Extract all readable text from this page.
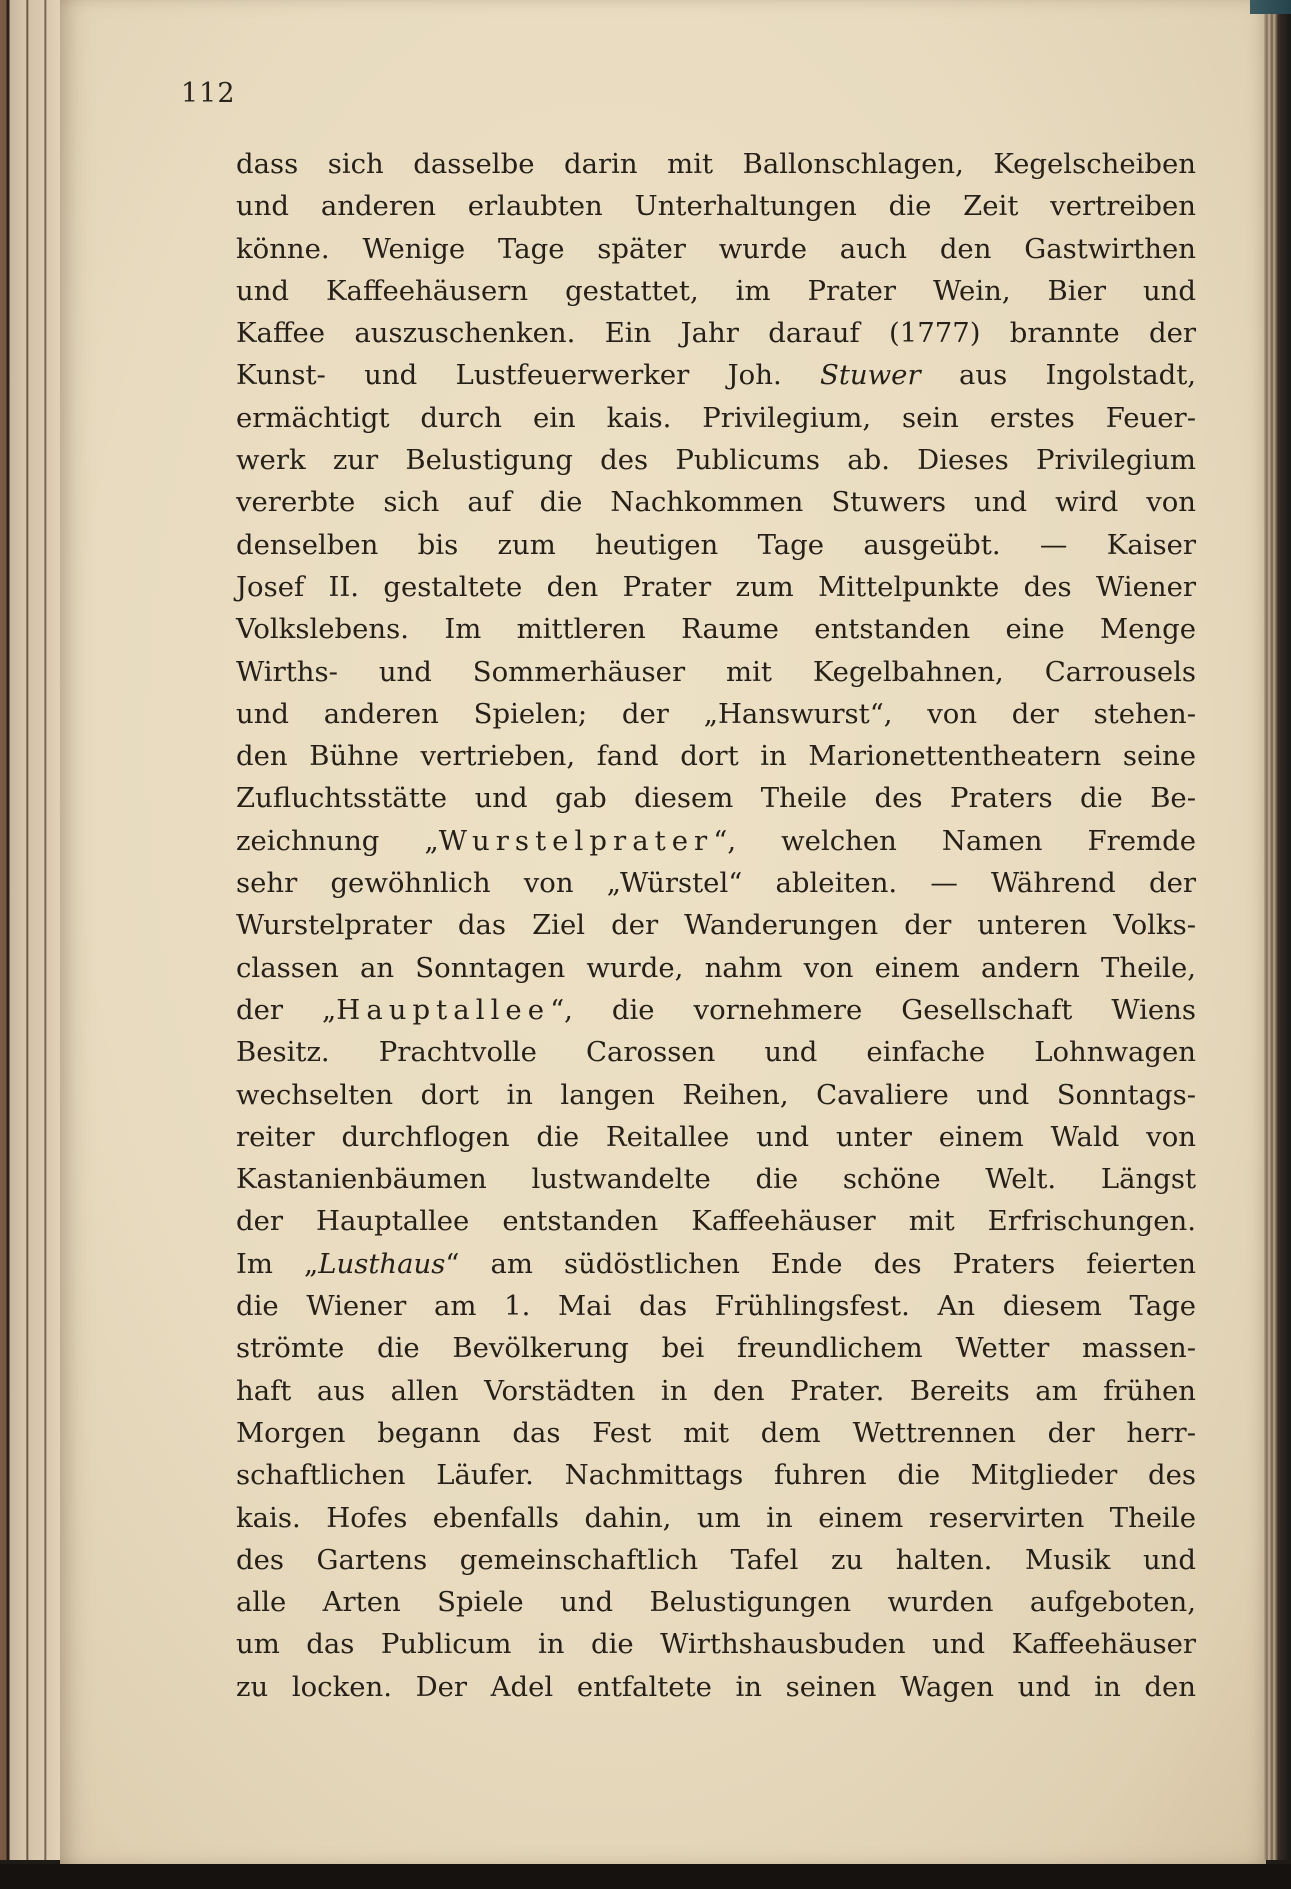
112
dass sich dasselbe darin mit Ballonschlagen, Kegelscheiben
und anderen erlaubten Unterhaltungen die Zeit vertreiben
könne. Wenige Tage später wurde auch den Gastwirthen
und Kaffeehäusern gestattet, im Prater Wein, Bier und
Kaffee auszuschenken. Ein Jahr darauf (1777) brannte der
Kunst- und Lustfeuerwerker Joh. Stuwer aus Ingolstadt,
ermächtigt durch ein kais. Privilegium, sein erstes Feuer-
werk zur Belustigung des Publicums ab. Dieses Privilegium
vererbte sich auf die Nachkommen Stuwers und wird von
denselben bis zum heutigen Tage ausgeübt. — Kaiser
Josef II. gestaltete den Prater zum Mittelpunkte des Wiener
Volkslebens. Im mittleren Raume entstanden eine Menge
Wirths- und Sommerhäuser mit Kegelbahnen, Carrousels
und anderen Spielen; der „Hanswurst“, von der stehen-
den Bühne vertrieben, fand dort in Marionettentheatern seine
Zufluchtsstätte und gab diesem Theile des Praters die Be-
zeichnung „Wurstelprater“, welchen Namen Fremde
sehr gewöhnlich von „Würstel“ ableiten. — Während der
Wurstelprater das Ziel der Wanderungen der unteren Volks-
classen an Sonntagen wurde, nahm von einem andern Theile,
der „Hauptallee“, die vornehmere Gesellschaft Wiens
Besitz. Prachtvolle Carossen und einfache Lohnwagen
wechselten dort in langen Reihen, Cavaliere und Sonntags-
reiter durchflogen die Reitallee und unter einem Wald von
Kastanienbäumen lustwandelte die schöne Welt. Längst
der Hauptallee entstanden Kaffeehäuser mit Erfrischungen.
Im „Lusthaus“ am südöstlichen Ende des Praters feierten
die Wiener am 1. Mai das Frühlingsfest. An diesem Tage
strömte die Bevölkerung bei freundlichem Wetter massen-
haft aus allen Vorstädten in den Prater. Bereits am frühen
Morgen begann das Fest mit dem Wettrennen der herr-
schaftlichen Läufer. Nachmittags fuhren die Mitglieder des
kais. Hofes ebenfalls dahin, um in einem reservirten Theile
des Gartens gemeinschaftlich Tafel zu halten. Musik und
alle Arten Spiele und Belustigungen wurden aufgeboten,
um das Publicum in die Wirthshausbuden und Kaffeehäuser
zu locken. Der Adel entfaltete in seinen Wagen und in den
